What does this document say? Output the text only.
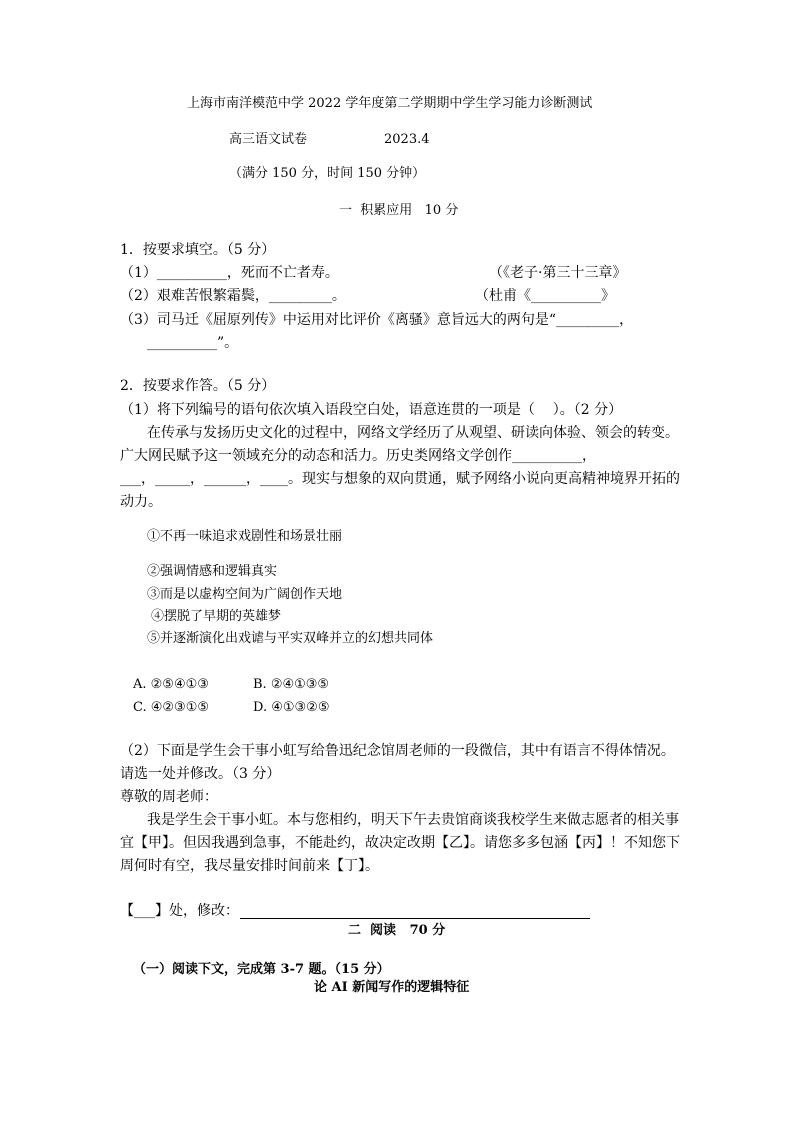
上海市南洋模范中学 2022 学年度第二学期期中学生学习能力诊断测试
高三语文试卷	2023.4
（满分 150 分，时间 150 分钟）
一  积累应用   10 分
1．按要求填空。（5 分）
（1）__________，死而不亡者寿。	（《老子·第三十三章》
（2）艰难苦恨繁霜鬓，_________。	（杜甫《__________》
（3）司马迁《屈原列传》中运用对比评价《离骚》意旨远大的两句是“_________，
__________”。
2．按要求作答。（5 分）
（1）将下列编号的语句依次填入语段空白处，语意连贯的一项是（    ）。（2 分）
在传承与发扬历史文化的过程中，网络文学经历了从观望、研读向体验、领会的转变。
广大网民赋予这一领域充分的动态和活力。历史类网络文学创作__________，
___，_____，______，____。现实与想象的双向贯通，赋予网络小说向更高精神境界开拓的
动力。
①不再一味追求戏剧性和场景壮丽
②强调情感和逻辑真实
③而是以虚构空间为广阔创作天地
④摆脱了早期的英雄梦
⑤并逐渐演化出戏谑与平实双峰并立的幻想共同体
A. ②⑤④①③	B. ②④①③⑤
C. ④②③①⑤	D. ④①③②⑤
（2）下面是学生会干事小虹写给鲁迅纪念馆周老师的一段微信，其中有语言不得体情况。
请选一处并修改。（3 分）
尊敬的周老师：
我是学生会干事小虹。本与您相约，明天下午去贵馆商谈我校学生来做志愿者的相关事
宜【甲】。但因我遇到急事，不能赴约，故决定改期【乙】。请您多多包涵【丙】！不知您下
周何时有空，我尽量安排时间前来【丁】。
【___】处，修改：
二  阅读   70 分
（一）阅读下文，完成第 3-7 题。（15 分）
论 AI 新闻写作的逻辑特征
